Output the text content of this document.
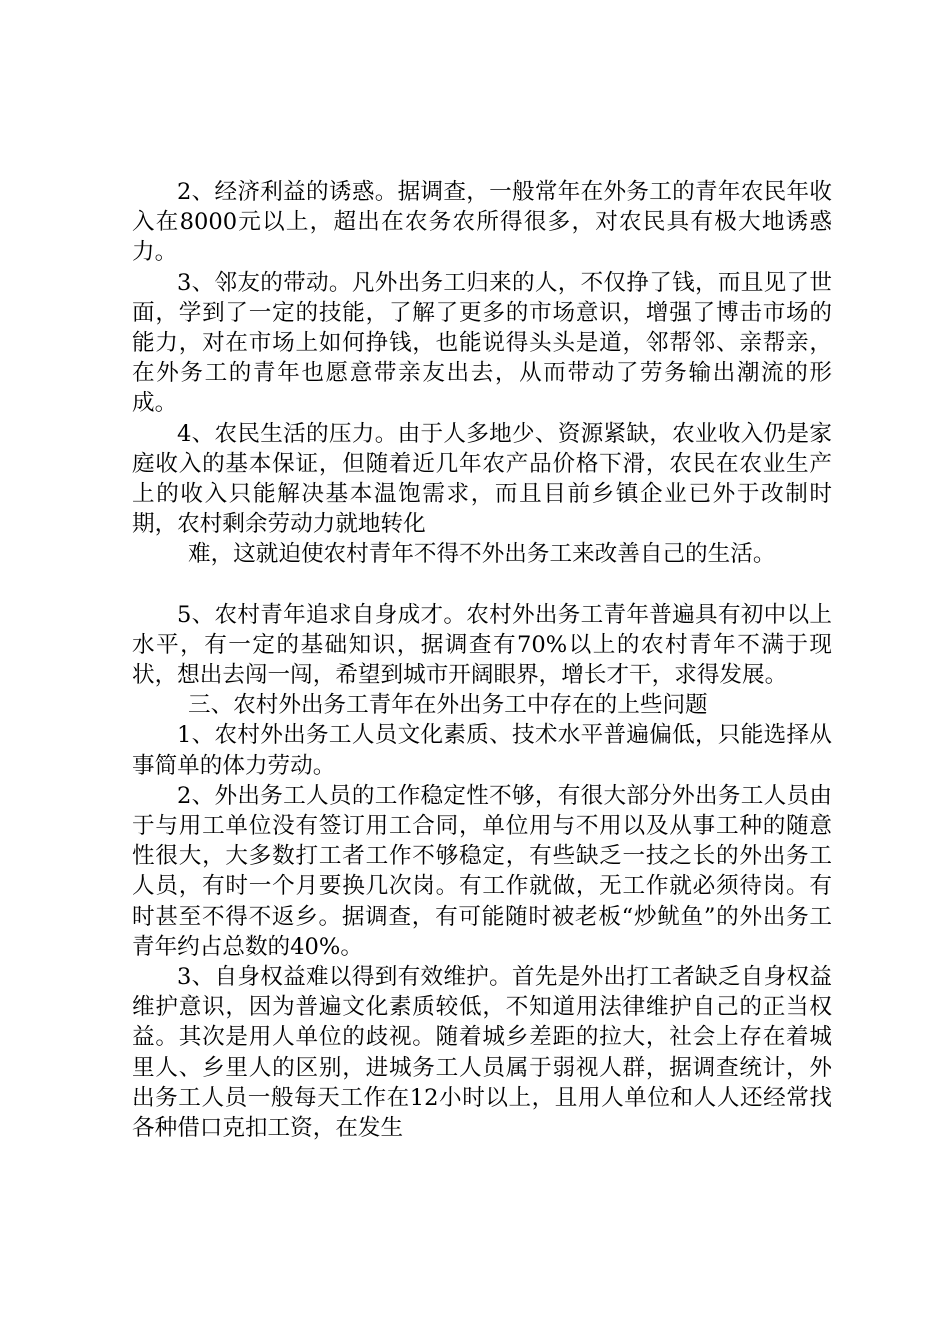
2、经济利益的诱惑。据调查，一般常年在外务工的青年农民年收入在8000元以上，超出在农务农所得很多，对农民具有极大地诱惑力。

3、邻友的带动。凡外出务工归来的人，不仅挣了钱，而且见了世面，学到了一定的技能，了解了更多的市场意识，增强了博击市场的能力，对在市场上如何挣钱，也能说得头头是道，邻帮邻、亲帮亲，在外务工的青年也愿意带亲友出去，从而带动了劳务输出潮流的形成。

4、农民生活的压力。由于人多地少、资源紧缺，农业收入仍是家庭收入的基本保证，但随着近几年农产品价格下滑，农民在农业生产上的收入只能解决基本温饱需求，而且目前乡镇企业已外于改制时期，农村剩余劳动力就地转化

难，这就迫使农村青年不得不外出务工来改善自己的生活。

5、农村青年追求自身成才。农村外出务工青年普遍具有初中以上水平，有一定的基础知识，据调查有70%以上的农村青年不满于现状，想出去闯一闯，希望到城市开阔眼界，增长才干，求得发展。

三、农村外出务工青年在外出务工中存在的上些问题

1、农村外出务工人员文化素质、技术水平普遍偏低，只能选择从事简单的体力劳动。

2、外出务工人员的工作稳定性不够，有很大部分外出务工人员由于与用工单位没有签订用工合同，单位用与不用以及从事工种的随意性很大，大多数打工者工作不够稳定，有些缺乏一技之长的外出务工人员，有时一个月要换几次岗。有工作就做，无工作就必须待岗。有时甚至不得不返乡。据调查，有可能随时被老板“炒鱿鱼”的外出务工青年约占总数的40%。

3、自身权益难以得到有效维护。首先是外出打工者缺乏自身权益维护意识，因为普遍文化素质较低，不知道用法律维护自己的正当权益。其次是用人单位的歧视。随着城乡差距的拉大，社会上存在着城里人、乡里人的区别，进城务工人员属于弱视人群，据调查统计，外出务工人员一般每天工作在12小时以上，且用人单位和人人还经常找各种借口克扣工资，在发生
